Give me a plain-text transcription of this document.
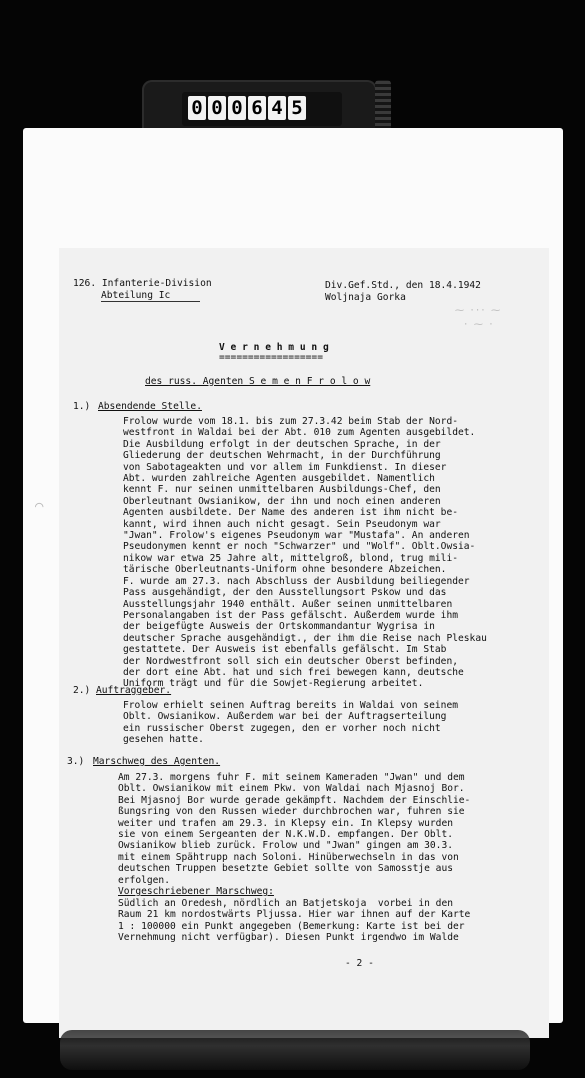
0 0 0 6 4 5
126. Infanterie-Division
Abteilung Ic
Div.Gef.Std., den 18.4.1942
Woljnaja Gorka
⁓ ··· ⁓
· ⁓ ·
⌒
V e r n e h m u n g
==================
des russ. Agenten S e m e n F r o l o w
1.) Absendende Stelle.
Frolow wurde vom 18.1. bis zum 27.3.42 beim Stab der Nord-
westfront in Waldai bei der Abt. 010 zum Agenten ausgebildet.
Die Ausbildung erfolgt in der deutschen Sprache, in der
Gliederung der deutschen Wehrmacht, in der Durchführung
von Sabotageakten und vor allem im Funkdienst. In dieser
Abt. wurden zahlreiche Agenten ausgebildet. Namentlich
kennt F. nur seinen unmittelbaren Ausbildungs-Chef, den
Oberleutnant Owsianikow, der ihn und noch einen anderen
Agenten ausbildete. Der Name des anderen ist ihm nicht be-
kannt, wird ihnen auch nicht gesagt. Sein Pseudonym war
"Jwan". Frolow's eigenes Pseudonym war "Mustafa". An anderen
Pseudonymen kennt er noch "Schwarzer" und "Wolf". Oblt.Owsia-
nikow war etwa 25 Jahre alt, mittelgroß, blond, trug mili-
tärische Oberleutnants-Uniform ohne besondere Abzeichen.
F. wurde am 27.3. nach Abschluss der Ausbildung beiliegender
Pass ausgehändigt, der den Ausstellungsort Pskow und das
Ausstellungsjahr 1940 enthält. Außer seinen unmittelbaren
Personalangaben ist der Pass gefälscht. Außerdem wurde ihm
der beigefügte Ausweis der Ortskommandantur Wygrisa in
deutscher Sprache ausgehändigt., der ihm die Reise nach Pleskau
gestattete. Der Ausweis ist ebenfalls gefälscht. Im Stab
der Nordwestfront soll sich ein deutscher Oberst befinden,
der dort eine Abt. hat und sich frei bewegen kann, deutsche
Uniform trägt und für die Sowjet-Regierung arbeitet.
2.) Auftraggeber.
Frolow erhielt seinen Auftrag bereits in Waldai von seinem
Oblt. Owsianikow. Außerdem war bei der Auftragserteilung
ein russischer Oberst zugegen, den er vorher noch nicht
gesehen hatte.
3.) Marschweg des Agenten.
Am 27.3. morgens fuhr F. mit seinem Kameraden "Jwan" und dem
Oblt. Owsianikow mit einem Pkw. von Waldai nach Mjasnoj Bor.
Bei Mjasnoj Bor wurde gerade gekämpft. Nachdem der Einschlie-
ßungsring von den Russen wieder durchbrochen war, fuhren sie
weiter und trafen am 29.3. in Klepsy ein. In Klepsy wurden
sie von einem Sergeanten der N.K.W.D. empfangen. Der Oblt.
Owsianikow blieb zurück. Frolow und "Jwan" gingen am 30.3.
mit einem Spähtrupp nach Soloni. Hinüberwechseln in das von
deutschen Truppen besetzte Gebiet sollte von Samosstje aus
erfolgen.
Vorgeschriebener Marschweg:
Südlich an Oredesh, nördlich an Batjetskoja  vorbei in den
Raum 21 km nordostwärts Pljussa. Hier war ihnen auf der Karte
1 : 100000 ein Punkt angegeben (Bemerkung: Karte ist bei der
Vernehmung nicht verfügbar). Diesen Punkt irgendwo im Walde
- 2 -
